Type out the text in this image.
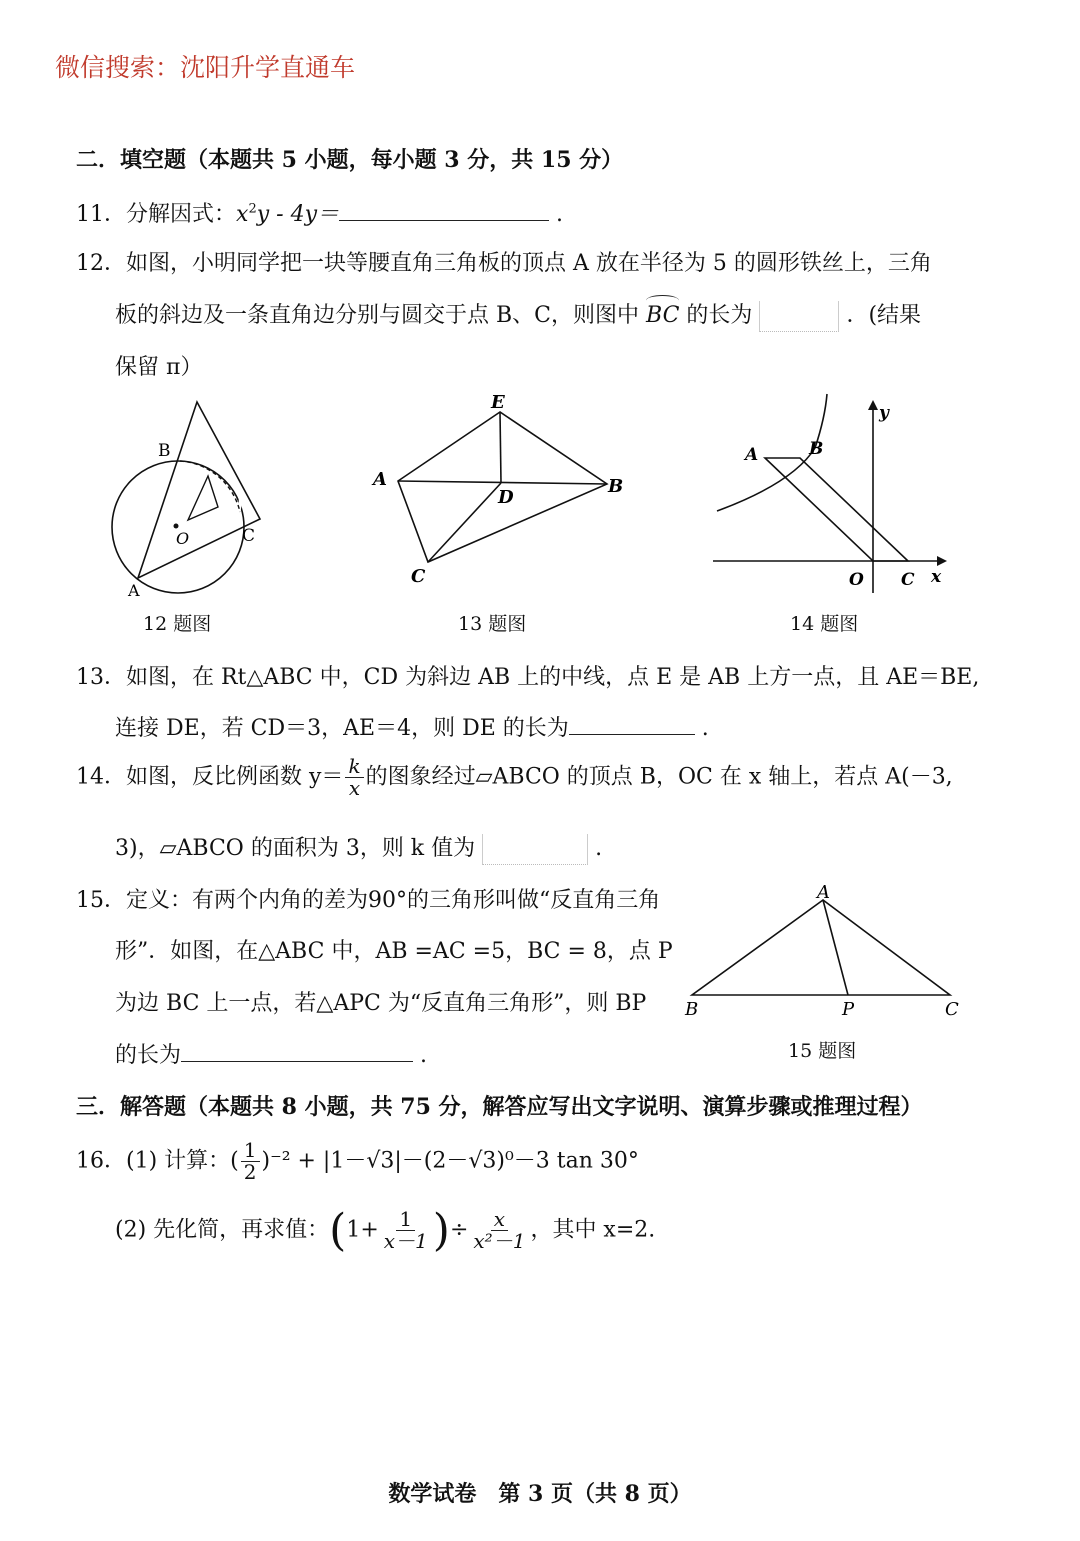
微信搜索：沈阳升学直通车
二．填空题（本题共 5 小题，每小题 3 分，共 15 分）
11．分解因式：$x^2y - 4y=$	.
12．如图，小明同学把一块等腰直角三角板的顶点 A 放在半径为 5 的圆形铁丝上，三角
板的斜边及一条直角边分别与圆交于点 B、C，则图中 BC 的长为	．(结果
保留 π）
B
O	C
A
12 题图
E
A
D
B
C
13 题图
A	B
y
O C x
14 题图
13．如图，在 Rt△ABC 中，CD 为斜边 AB 上的中线，点 E 是 AB 上方一点，且 AE＝BE,
连接 DE，若 CD＝3，AE＝4，则 DE 的长为	.
14．如图，反比例函数 $y= \frac{k}{x}$ 的图象经过▱ABCO 的顶点 B，OC 在 x 轴上，若点 A(－3,
3)，▱ABCO 的面积为 3，则 k 值为	.
15．定义：有两个内角的差为90°的三角形叫做“反直角三角
形”．如图，在△ABC 中，AB =AC =5，BC = 8，点 P
为边 BC 上一点，若△APC 为“反直角三角形”，则 BP
的长为	.
A
B	P	C
15 题图
三．解答题（本题共 8 小题，共 75 分，解答应写出文字说明、演算步骤或推理过程）
16．(1) 计算：( $\frac{1}{2} )^{-2} + |1-√3|-(2-√3)^0-3$ tan 30°
(2) 先化简，再求值：($1+ \frac{1}{x-1}$ )÷ $\frac{x}{\text{x²－1}}$ ，其中 x=2.
数学试卷　第 3 页（共 8 页）
